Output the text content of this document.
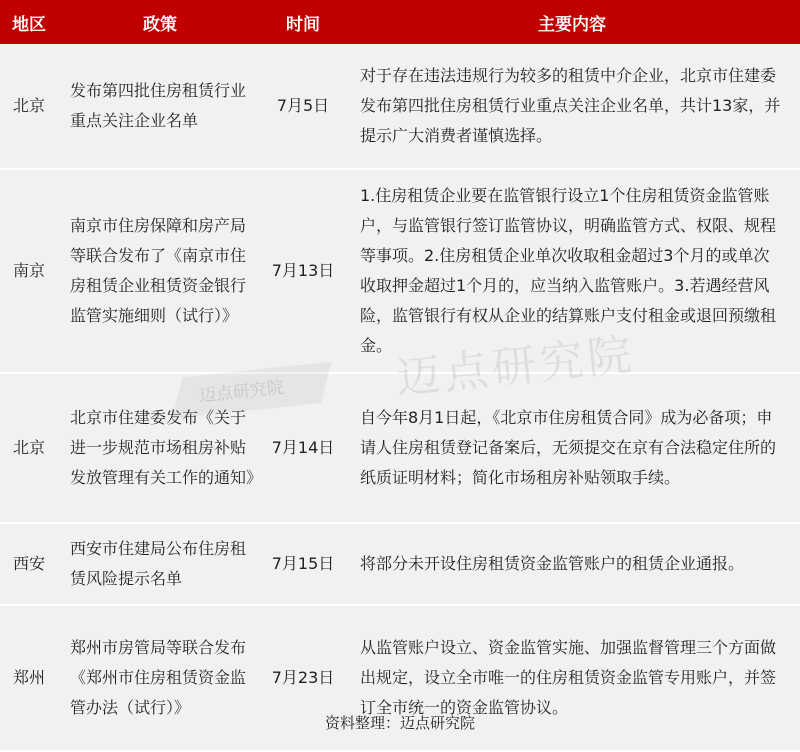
地区	政策	时间	主要内容
北京	发布第四批住房租赁行业重点关注企业名单	7月5日	对于存在违法违规行为较多的租赁中介企业，北京市住建委发布第四批住房租赁行业重点关注企业名单，共计13家，并提示广大消费者谨慎选择。
南京	南京市住房保障和房产局等联合发布了《南京市住房租赁企业租赁资金银行监管实施细则（试行）》	7月13日	1.住房租赁企业要在监管银行设立1个住房租赁资金监管账户，与监管银行签订监管协议，明确监管方式、权限、规程等事项。2.住房租赁企业单次收取租金超过3个月的或单次收取押金超过1个月的，应当纳入监管账户。3.若遇经营风险，监管银行有权从企业的结算账户支付租金或退回预缴租金。
北京	北京市住建委发布《关于进一步规范市场租房补贴发放管理有关工作的通知》	7月14日	自今年8月1日起，《北京市住房租赁合同》成为必备项；申请人住房租赁登记备案后，无须提交在京有合法稳定住所的纸质证明材料；简化市场租房补贴领取手续。
西安	西安市住建局公布住房租赁风险提示名单	7月15日	将部分未开设住房租赁资金监管账户的租赁企业通报。
郑州	郑州市房管局等联合发布《郑州市住房租赁资金监管办法（试行）》	7月23日	从监管账户设立、资金监管实施、加强监督管理三个方面做出规定，设立全市唯一的住房租赁资金监管专用账户，并签订全市统一的资金监管协议。
迈点研究院 迈点研究院
资料整理：迈点研究院
